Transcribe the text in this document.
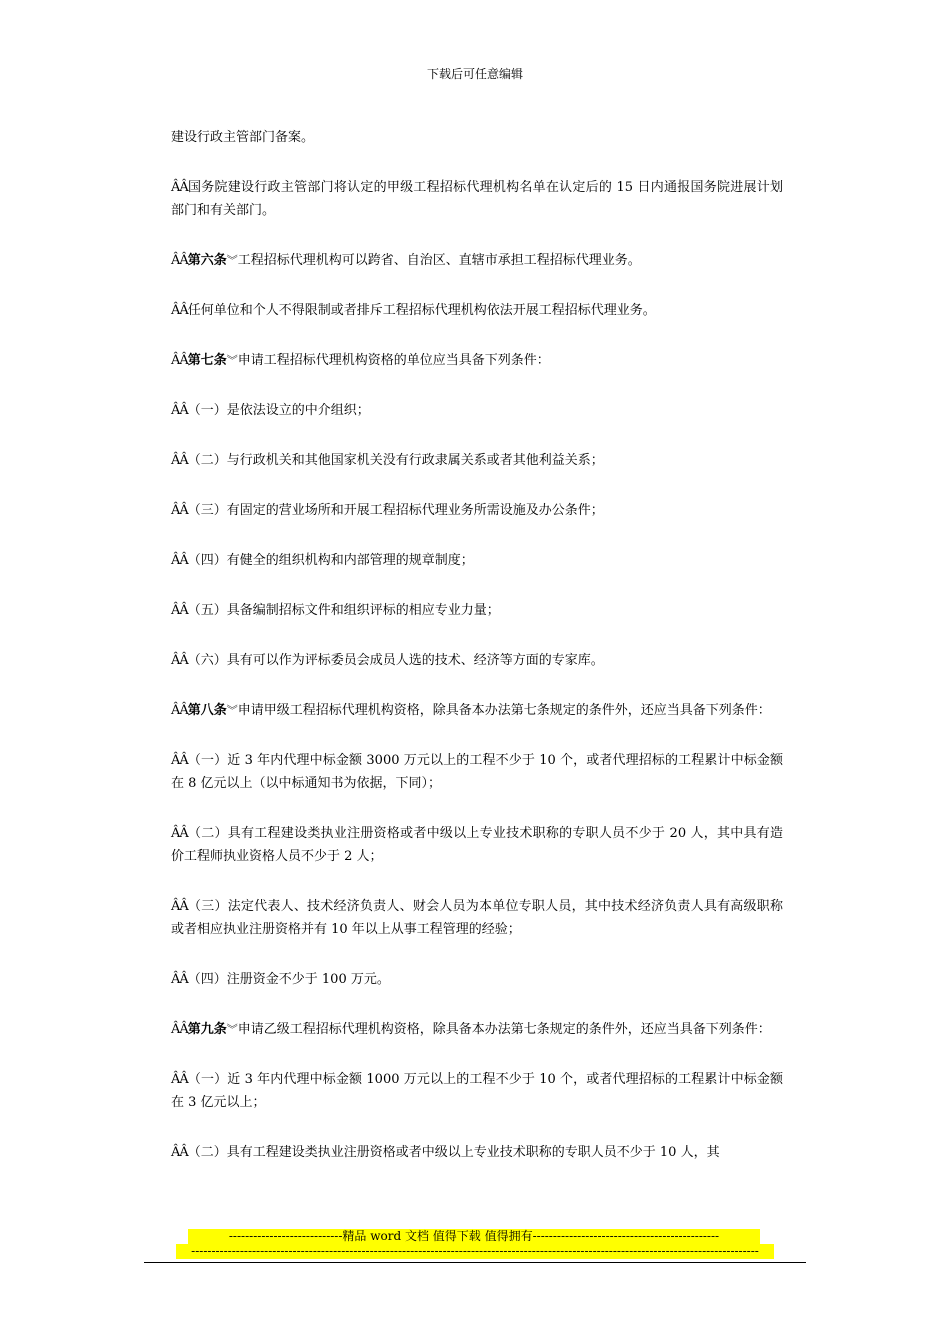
下载后可任意编辑

建设行政主管部门备案。

ÂÂ国务院建设行政主管部门将认定的甲级工程招标代理机构名单在认定后的 15 日内通报国务院进展计划部门和有关部门。

ÂÂ第六条︾工程招标代理机构可以跨省、自治区、直辖市承担工程招标代理业务。

ÂÂ任何单位和个人不得限制或者排斥工程招标代理机构依法开展工程招标代理业务。

ÂÂ第七条︾申请工程招标代理机构资格的单位应当具备下列条件：

ÂÂ（一）是依法设立的中介组织；

ÂÂ（二）与行政机关和其他国家机关没有行政隶属关系或者其他利益关系；

ÂÂ（三）有固定的营业场所和开展工程招标代理业务所需设施及办公条件；

ÂÂ（四）有健全的组织机构和内部管理的规章制度；

ÂÂ（五）具备编制招标文件和组织评标的相应专业力量；

ÂÂ（六）具有可以作为评标委员会成员人选的技术、经济等方面的专家库。

ÂÂ第八条︾申请甲级工程招标代理机构资格，除具备本办法第七条规定的条件外，还应当具备下列条件：

ÂÂ（一）近 3 年内代理中标金额 3000 万元以上的工程不少于 10 个，或者代理招标的工程累计中标金额在 8 亿元以上（以中标通知书为依据，下同）；

ÂÂ（二）具有工程建设类执业注册资格或者中级以上专业技术职称的专职人员不少于 20 人，其中具有造价工程师执业资格人员不少于 2 人；

ÂÂ（三）法定代表人、技术经济负责人、财会人员为本单位专职人员，其中技术经济负责人具有高级职称或者相应执业注册资格并有 10 年以上从事工程管理的经验；

ÂÂ（四）注册资金不少于 100 万元。

ÂÂ第九条︾申请乙级工程招标代理机构资格，除具备本办法第七条规定的条件外，还应当具备下列条件：

ÂÂ（一）近 3 年内代理中标金额 1000 万元以上的工程不少于 10 个，或者代理招标的工程累计中标金额在 3 亿元以上；

ÂÂ（二）具有工程建设类执业注册资格或者中级以上专业技术职称的专职人员不少于 10 人，其

----------------------------精品 word 文档 值得下载 值得拥有----------------------------------------------
--------------------------------------------------------------------------------------------------------------------------------------------
